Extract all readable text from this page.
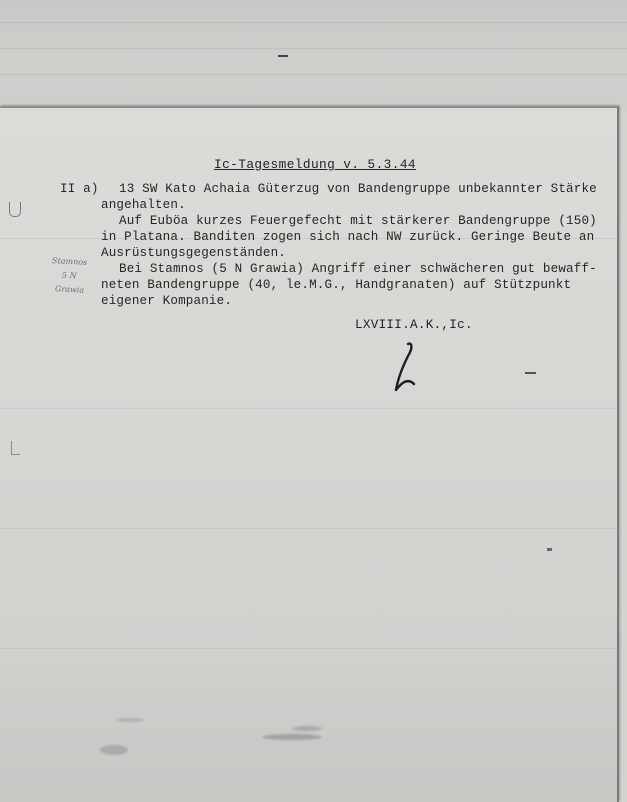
Ic-Tagesmeldung v. 5.3.44
II a) 13 SW Kato Achaia Güterzug von Bandengruppe unbekannter Stärke
angehalten.
Auf Euböa kurzes Feuergefecht mit stärkerer Bandengruppe (150)
in Platana. Banditen zogen sich nach NW zurück. Geringe Beute an
Ausrüstungsgegenständen.
Bei Stamnos (5 N Grawia) Angriff einer schwächeren gut bewaff-
neten Bandengruppe (40, le.M.G., Handgranaten) auf Stützpunkt
eigener Kompanie.
Stamnos
5 N
Grawia
LXVIII.A.K.,Ic.
